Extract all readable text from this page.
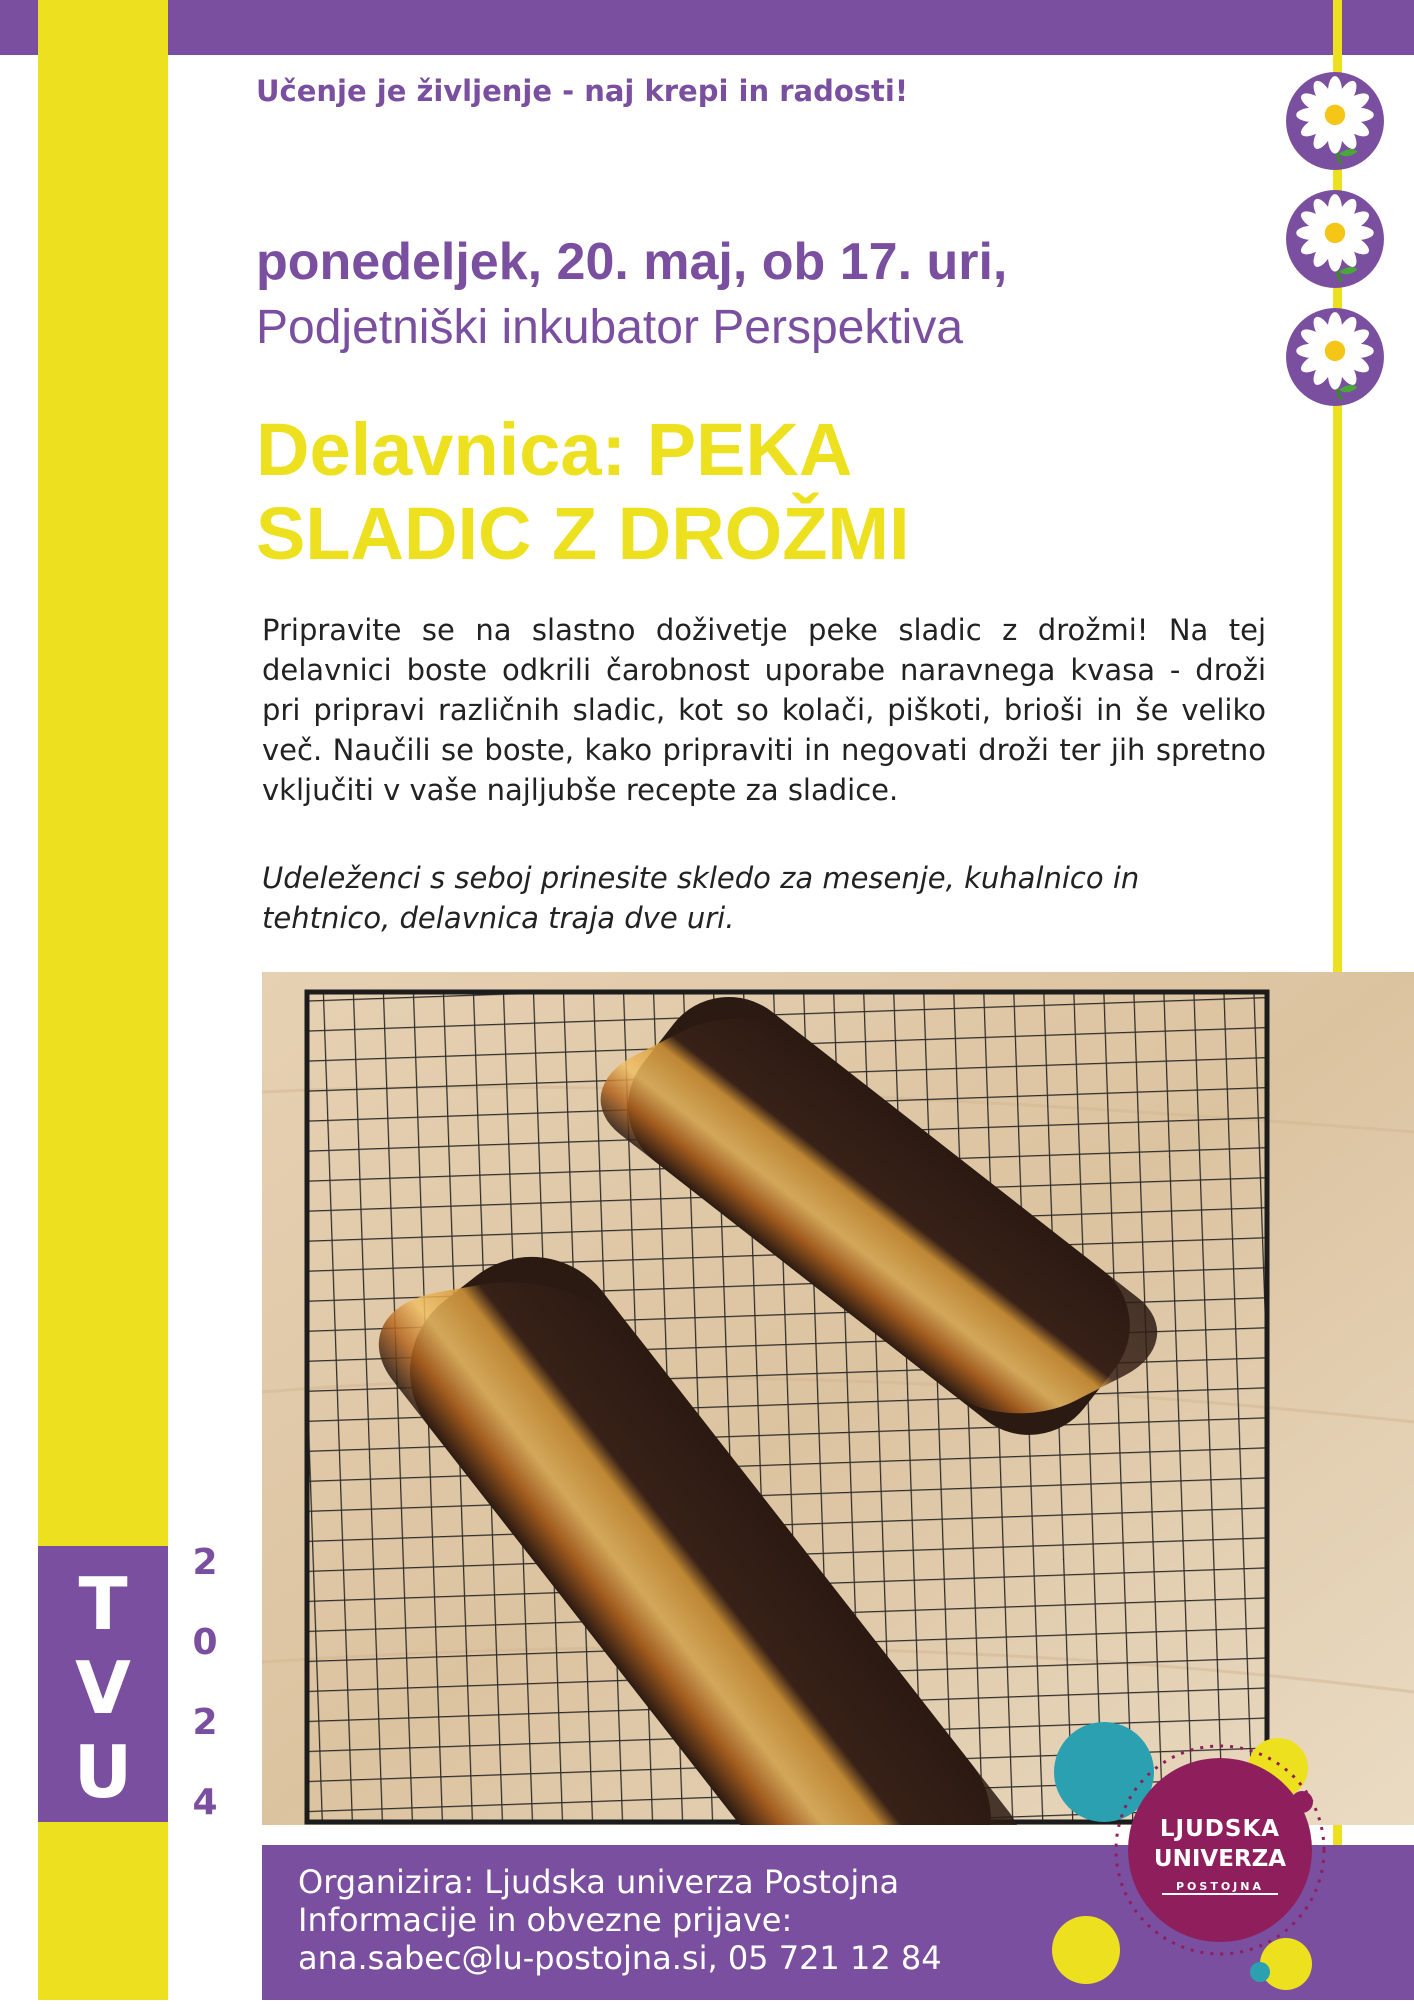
Učenje je življenje - naj krepi in radosti!
ponedeljek, 20. maj, ob 17. uri,
Podjetniški inkubator Perspektiva
Delavnica: PEKA
SLADIC Z DROŽMI

Pripravite se na slastno doživetje peke sladic z drožmi! Na tej delavnici boste odkrili čarobnost uporabe naravnega kvasa - droži pri pripravi različnih sladic, kot so kolači, piškoti, brioši in še veliko več. Naučili se boste, kako pripraviti in negovati droži ter jih spretno vključiti v vaše najljubše recepte za sladice.

Udeleženci s seboj prinesite skledo za mesenje, kuhalnico in tehtnico, delavnica traja dve uri.

T
V
U
2
0
2
4
Organizira: Ljudska univerza Postojna
Informacije in obvezne prijave:
ana.sabec@lu-postojna.si, 05 721 12 84
LJUDSKA
UNIVERZA
POSTOJNA
